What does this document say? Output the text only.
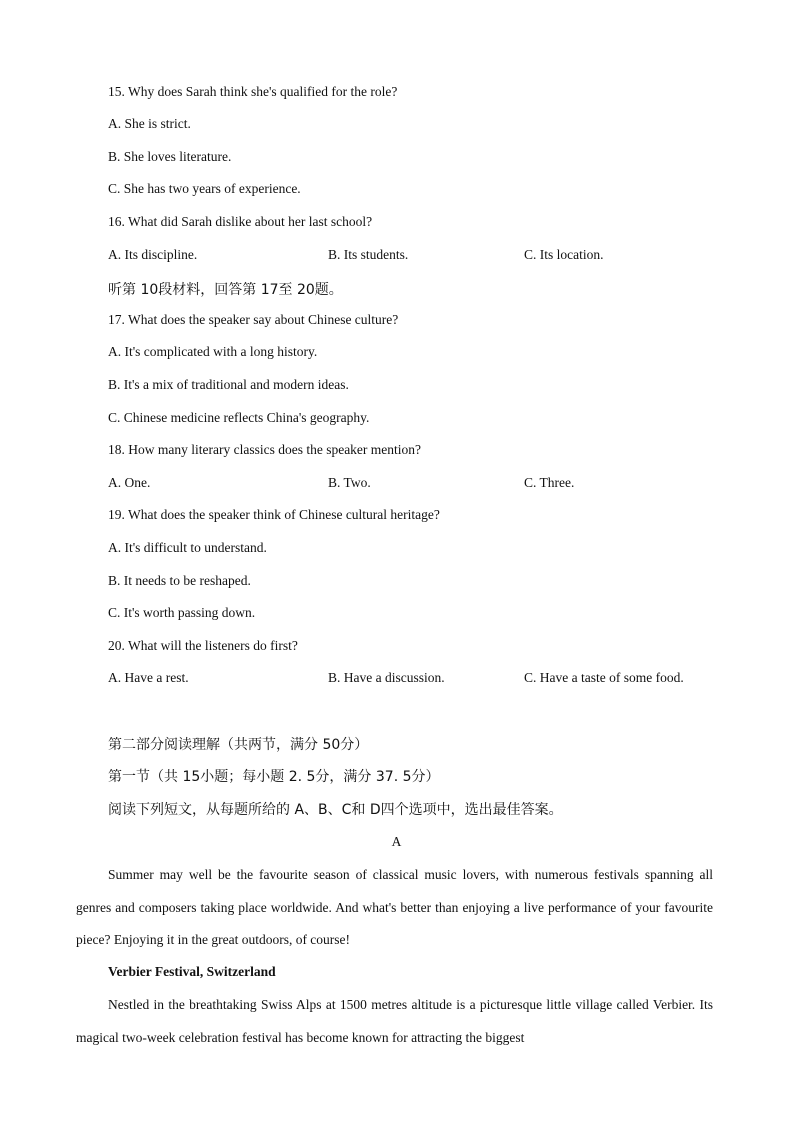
15. Why does Sarah think she's qualified for the role?
A. She is strict.
B. She loves literature.
C. She has two years of experience.
16. What did Sarah dislike about her last school?
A. Its discipline.	B. Its students.	C. Its location.
听第 10段材料，回答第 17至 20题。
17. What does the speaker say about Chinese culture?
A. It's complicated with a long history.
B. It's a mix of traditional and modern ideas.
C. Chinese medicine reflects China's geography.
18. How many literary classics does the speaker mention?
A. One.	B. Two.	C. Three.
19. What does the speaker think of Chinese cultural heritage?
A. It's difficult to understand.
B. It needs to be reshaped.
C. It's worth passing down.
20. What will the listeners do first?
A. Have a rest.	B. Have a discussion.	C. Have a taste of some food.
第二部分阅读理解（共两节，满分 50分）
第一节（共 15小题；每小题 2. 5分，满分 37. 5分）
阅读下列短文，从每题所给的 A、B、C和 D四个选项中，选出最佳答案。
A
Summer may well be the favourite season of classical music lovers, with numerous festivals spanning all genres and composers taking place worldwide. And what's better than enjoying a live performance of your favourite piece? Enjoying it in the great outdoors, of course!
Verbier Festival, Switzerland
Nestled in the breathtaking Swiss Alps at 1500 metres altitude is a picturesque little village called Verbier. Its magical two-week celebration festival has become known for attracting the biggest
